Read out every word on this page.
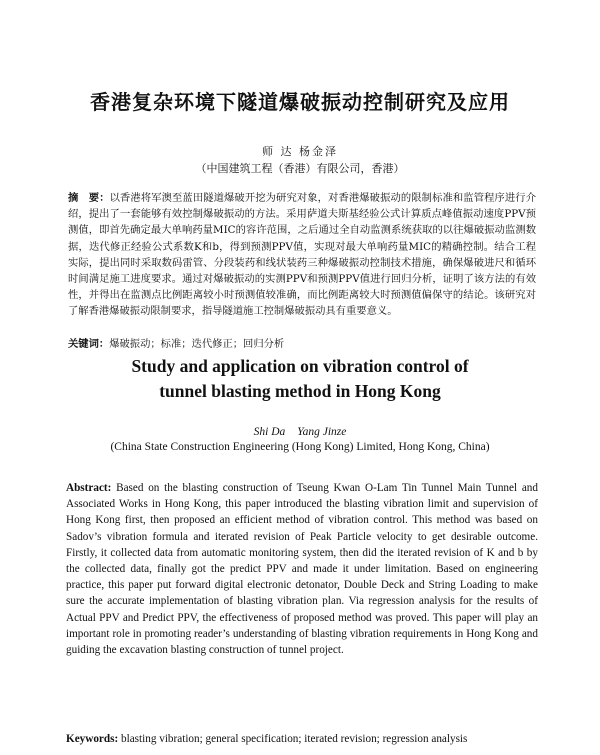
香港复杂环境下隧道爆破振动控制研究及应用
师 达 杨金泽
（中国建筑工程（香港）有限公司，香港）
摘　要：以香港将军澳至蓝田隧道爆破开挖为研究对象，对香港爆破振动的限制标准和监管程序进行介绍，提出了一套能够有效控制爆破振动的方法。采用萨道夫斯基经验公式计算质点峰值振动速度PPV预测值，即首先确定最大单响药量MIC的容许范围，之后通过全自动监测系统获取的以往爆破振动监测数据，迭代修正经验公式系数K和b，得到预测PPV值，实现对最大单响药量MIC的精确控制。结合工程实际，提出同时采取数码雷管、分段装药和线状装药三种爆破振动控制技术措施，确保爆破进尺和循环时间满足施工进度要求。通过对爆破振动的实测PPV和预测PPV值进行回归分析，证明了该方法的有效性，并得出在监测点比例距离较小时预测值较准确，而比例距离较大时预测值偏保守的结论。该研究对了解香港爆破振动限制要求，指导隧道施工控制爆破振动具有重要意义。
关键词：爆破振动；标准；迭代修正；回归分析
Study and application on vibration control of
tunnel blasting method in Hong Kong
Shi Da Yang Jinze
(China State Construction Engineering (Hong Kong) Limited, Hong Kong, China)
Abstract: Based on the blasting construction of Tseung Kwan O-Lam Tin Tunnel Main Tunnel and Associated Works in Hong Kong, this paper introduced the blasting vibration limit and supervision of Hong Kong first, then proposed an efficient method of vibration control. This method was based on Sadov’s vibration formula and iterated revision of Peak Particle velocity to get desirable outcome. Firstly, it collected data from automatic monitoring system, then did the iterated revision of K and b by the collected data, finally got the predict PPV and made it under limitation. Based on engineering practice, this paper put forward digital electronic detonator, Double Deck and String Loading to make sure the accurate implementation of blasting vibration plan. Via regression analysis for the results of Actual PPV and Predict PPV, the effectiveness of proposed method was proved. This paper will play an important role in promoting reader’s understanding of blasting vibration requirements in Hong Kong and guiding the excavation blasting construction of tunnel project.
Keywords: blasting vibration; general specification; iterated revision; regression analysis
